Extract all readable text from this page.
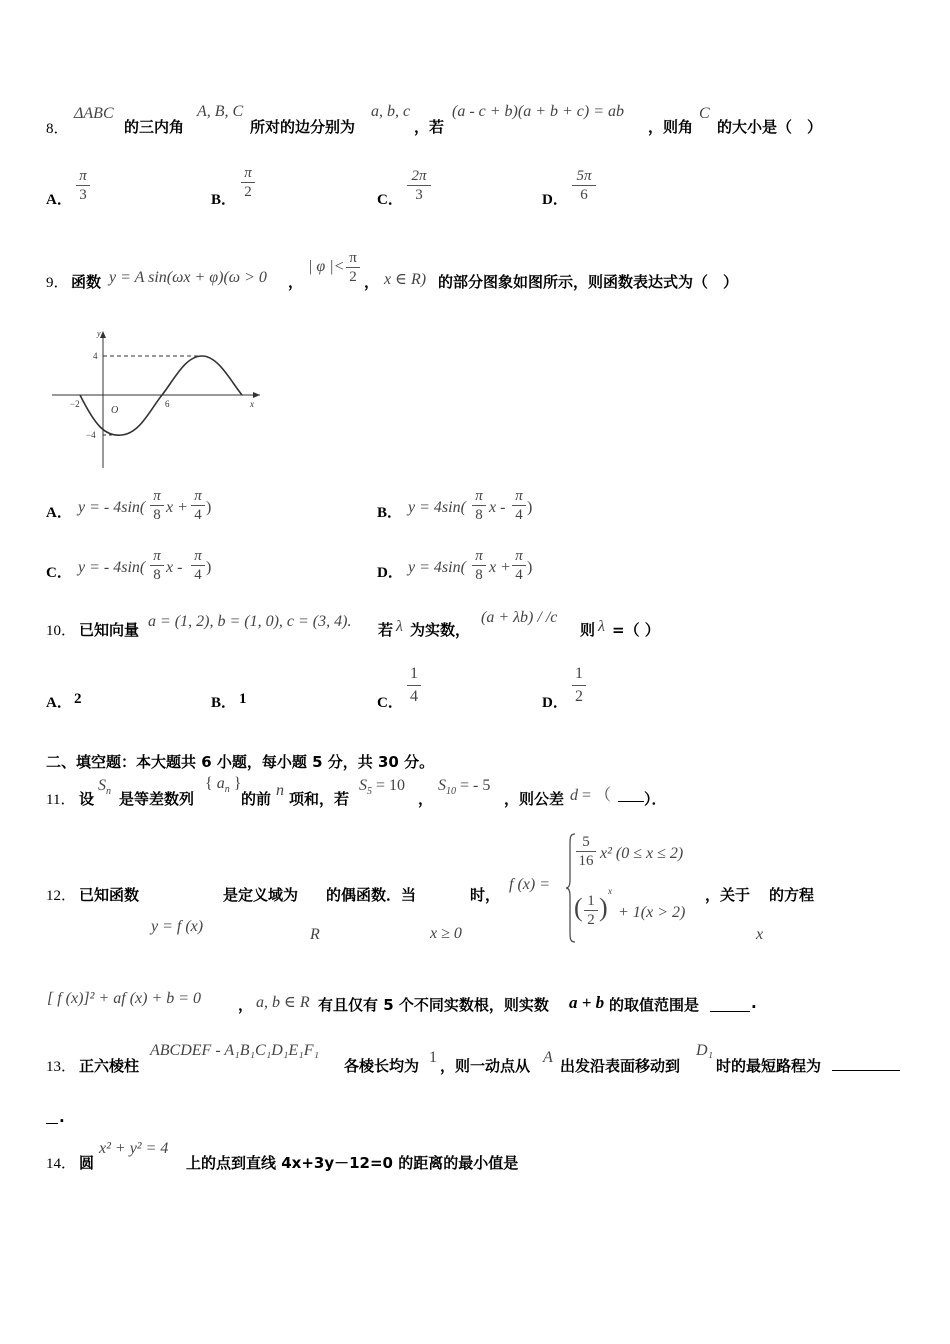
8．
ΔABC
的三内角
A, B, C
所对的边分别为
a, b, c
，若
(a - c + b)(a + b + c) = ab
，则角
C
的大小是（　）
A．
π
3	B．
π
2	C．
2π
3	D．
5π
6
9． 函数 y = A sin(ωx + φ)(ω > 0 ，
| φ |< π
2 ， x ∈ R) 的部分图象如图所示，则函数表达式为（　）
y
x
O
4
−4
−2	6
A． y = - 4sin(
π
8 x +
π
4 )	B． y = 4sin(
π
8 x -
π
4 )
C． y = - 4sin(
π
8 x -
π
4 )	D． y = 4sin(
π
8 x +
π
4 )
10． 已知向量 a = (1, 2), b = (1, 0), c = (3, 4). 若 λ 为实数，
(a + λb) / /c
则 λ =（ ）
A． 2	B． 1	C．
1
4	D．
1
2
二、填空题：本大题共 6 小题，每小题 5 分，共 30 分。
11． 设
$S_n$ 是等差数列
{ $a_n$ }
的前 n 项和，若
$S_5 = 10$
，
$S_{10}$ = - 5
，则公差 d = （ ）．
12． 已知函数
y = f (x)
是定义域为
R
的偶函数．当
x ≥ 0
时，
f (x) =
5
16 x² (0 ≤ x ≤ 2)
( 1
2 )
x
+ 1(x > 2)
，关于
x
的方程
[ f (x)]² + af (x) + b = 0 ， a, b ∈ R 有且仅有 5 个不同实数根，则实数 a + b 的取值范围是	.
13． 正六棱柱
ABCDEF - A₁B₁C₁D₁E₁F₁
各棱长均为 1 ，则一动点从 A 出发沿表面移动到
D₁
时的最短路程为
.
14． 圆
x² + y² = 4
上的点到直线 4x+3y－12=0 的距离的最小值是
